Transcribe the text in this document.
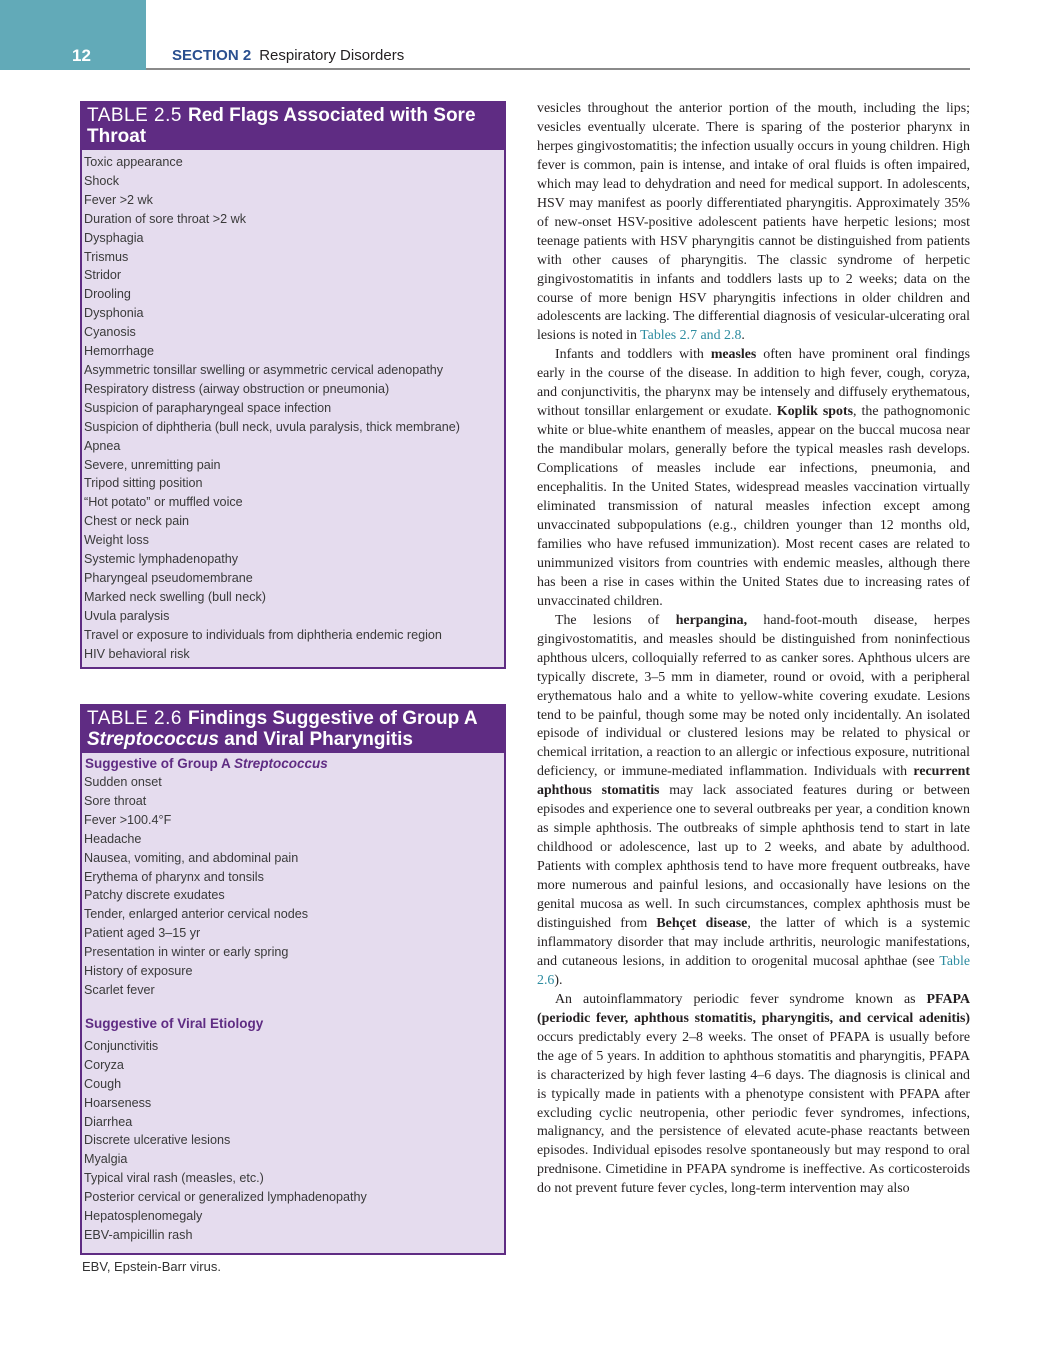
12	SECTION 2 Respiratory Disorders
TABLE 2.5 Red Flags Associated with Sore Throat
Toxic appearance
Shock
Fever >2 wk
Duration of sore throat >2 wk
Dysphagia
Trismus
Stridor
Drooling
Dysphonia
Cyanosis
Hemorrhage
Asymmetric tonsillar swelling or asymmetric cervical adenopathy
Respiratory distress (airway obstruction or pneumonia)
Suspicion of parapharyngeal space infection
Suspicion of diphtheria (bull neck, uvula paralysis, thick membrane)
Apnea
Severe, unremitting pain
Tripod sitting position
“Hot potato” or muffled voice
Chest or neck pain
Weight loss
Systemic lymphadenopathy
Pharyngeal pseudomembrane
Marked neck swelling (bull neck)
Uvula paralysis
Travel or exposure to individuals from diphtheria endemic region
HIV behavioral risk
TABLE 2.6 Findings Suggestive of Group A Streptococcus and Viral Pharyngitis
Suggestive of Group A Streptococcus
Sudden onset
Sore throat
Fever >100.4°F
Headache
Nausea, vomiting, and abdominal pain
Erythema of pharynx and tonsils
Patchy discrete exudates
Tender, enlarged anterior cervical nodes
Patient aged 3–15 yr
Presentation in winter or early spring
History of exposure
Scarlet fever
Suggestive of Viral Etiology
Conjunctivitis
Coryza
Cough
Hoarseness
Diarrhea
Discrete ulcerative lesions
Myalgia
Typical viral rash (measles, etc.)
Posterior cervical or generalized lymphadenopathy
Hepatosplenomegaly
EBV-ampicillin rash
EBV, Epstein-Barr virus.

vesicles throughout the anterior portion of the mouth, including the lips; vesicles eventually ulcerate. There is sparing of the posterior pharynx in herpes gingivostomatitis; the infection usually occurs in young children. High fever is common, pain is intense, and intake of oral fluids is often impaired, which may lead to dehydration and need for medical support. In adolescents, HSV may manifest as poorly differentiated pharyngitis. Approximately 35% of new-onset HSV-positive adolescent patients have herpetic lesions; most teenage patients with HSV pharyngitis cannot be distinguished from patients with other causes of pharyngitis. The classic syndrome of herpetic gingivostomatitis in infants and toddlers lasts up to 2 weeks; data on the course of more benign HSV pharyngitis infections in older children and adolescents are lacking. The differential diagnosis of vesicular-ulcerating oral lesions is noted in Tables 2.7 and 2.8.

Infants and toddlers with measles often have prominent oral findings early in the course of the disease. In addition to high fever, cough, coryza, and conjunctivitis, the pharynx may be intensely and diffusely erythematous, without tonsillar enlargement or exudate. Koplik spots, the pathognomonic white or blue-white enanthem of measles, appear on the buccal mucosa near the mandibular molars, generally before the typical measles rash develops. Complications of measles include ear infections, pneumonia, and encephalitis. In the United States, widespread measles vaccination virtually eliminated transmission of natural measles infection except among unvaccinated subpopulations (e.g., children younger than 12 months old, families who have refused immunization). Most recent cases are related to unimmunized visitors from countries with endemic measles, although there has been a rise in cases within the United States due to increasing rates of unvaccinated children.

The lesions of herpangina, hand-foot-mouth disease, herpes gingivostomatitis, and measles should be distinguished from noninfectious aphthous ulcers, colloquially referred to as canker sores. Aphthous ulcers are typically discrete, 3–5 mm in diameter, round or ovoid, with a peripheral erythematous halo and a white to yellow-white covering exudate. Lesions tend to be painful, though some may be noted only incidentally. An isolated episode of individual or clustered lesions may be related to physical or chemical irritation, a reaction to an allergic or infectious exposure, nutritional deficiency, or immune-mediated inflammation. Individuals with recurrent aphthous stomatitis may lack associated features during or between episodes and experience one to several outbreaks per year, a condition known as simple aphthosis. The outbreaks of simple aphthosis tend to start in late childhood or adolescence, last up to 2 weeks, and abate by adulthood. Patients with complex aphthosis tend to have more frequent outbreaks, have more numerous and painful lesions, and occasionally have lesions on the genital mucosa as well. In such circumstances, complex aphthosis must be distinguished from Behçet disease, the latter of which is a systemic inflammatory disorder that may include arthritis, neurologic manifestations, and cutaneous lesions, in addition to orogenital mucosal aphthae (see Table 2.6).

An autoinflammatory periodic fever syndrome known as PFAPA (periodic fever, aphthous stomatitis, pharyngitis, and cervical adenitis) occurs predictably every 2–8 weeks. The onset of PFAPA is usually before the age of 5 years. In addition to aphthous stomatitis and pharyngitis, PFAPA is characterized by high fever lasting 4–6 days. The diagnosis is clinical and is typically made in patients with a phenotype consistent with PFAPA after excluding cyclic neutropenia, other periodic fever syndromes, infections, malignancy, and the persistence of elevated acute-phase reactants between episodes. Individual episodes resolve spontaneously but may respond to oral prednisone. Cimetidine in PFAPA syndrome is ineffective. As corticosteroids do not prevent future fever cycles, long-term intervention may also
